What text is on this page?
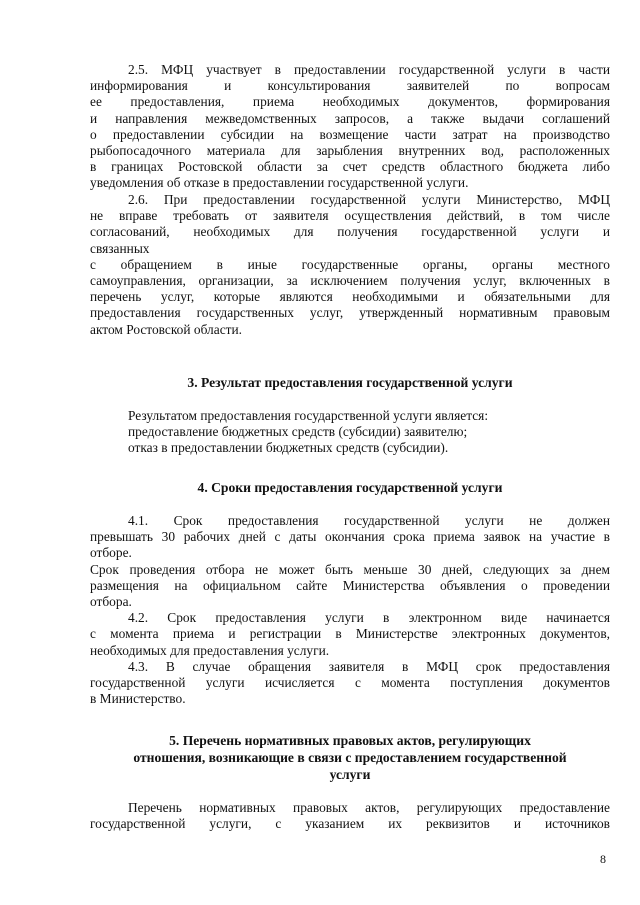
2.5. МФЦ участвует в предоставлении государственной услуги в части
информирования и консультирования заявителей по вопросам
ее предоставления, приема необходимых документов, формирования
и направления межведомственных запросов, а также выдачи соглашений
о предоставлении субсидии на возмещение части затрат на производство
рыбопосадочного материала для зарыбления внутренних вод, расположенных
в границах Ростовской области за счет средств областного бюджета либо
уведомления об отказе в предоставлении государственной услуги.
2.6. При предоставлении государственной услуги Министерство, МФЦ
не вправе требовать от заявителя осуществления действий, в том числе
согласований, необходимых для получения государственной услуги и
связанных
с обращением в иные государственные органы, органы местного
самоуправления, организации, за исключением получения услуг, включенных в
перечень услуг, которые являются необходимыми и обязательными для
предоставления государственных услуг, утвержденный нормативным правовым
актом Ростовской области.

3. Результат предоставления государственной услуги

Результатом предоставления государственной услуги является:
предоставление бюджетных средств (субсидии) заявителю;
отказ в предоставлении бюджетных средств (субсидии).

4. Сроки предоставления государственной услуги

4.1. Срок предоставления государственной услуги не должен
превышать 30 рабочих дней с даты окончания срока приема заявок на участие в
отборе.
Срок проведения отбора не может быть меньше 30 дней, следующих за днем
размещения на официальном сайте Министерства объявления о проведении
отбора.
4.2. Срок предоставления услуги в электронном виде начинается
с момента приема и регистрации в Министерстве электронных документов,
необходимых для предоставления услуги.
4.3. В случае обращения заявителя в МФЦ срок предоставления
государственной услуги исчисляется с момента поступления документов
в Министерство.

5. Перечень нормативных правовых актов, регулирующих

отношения, возникающие в связи с предоставлением государственной

услуги

Перечень нормативных правовых актов, регулирующих предоставление
государственной услуги, с указанием их реквизитов и источников
8
